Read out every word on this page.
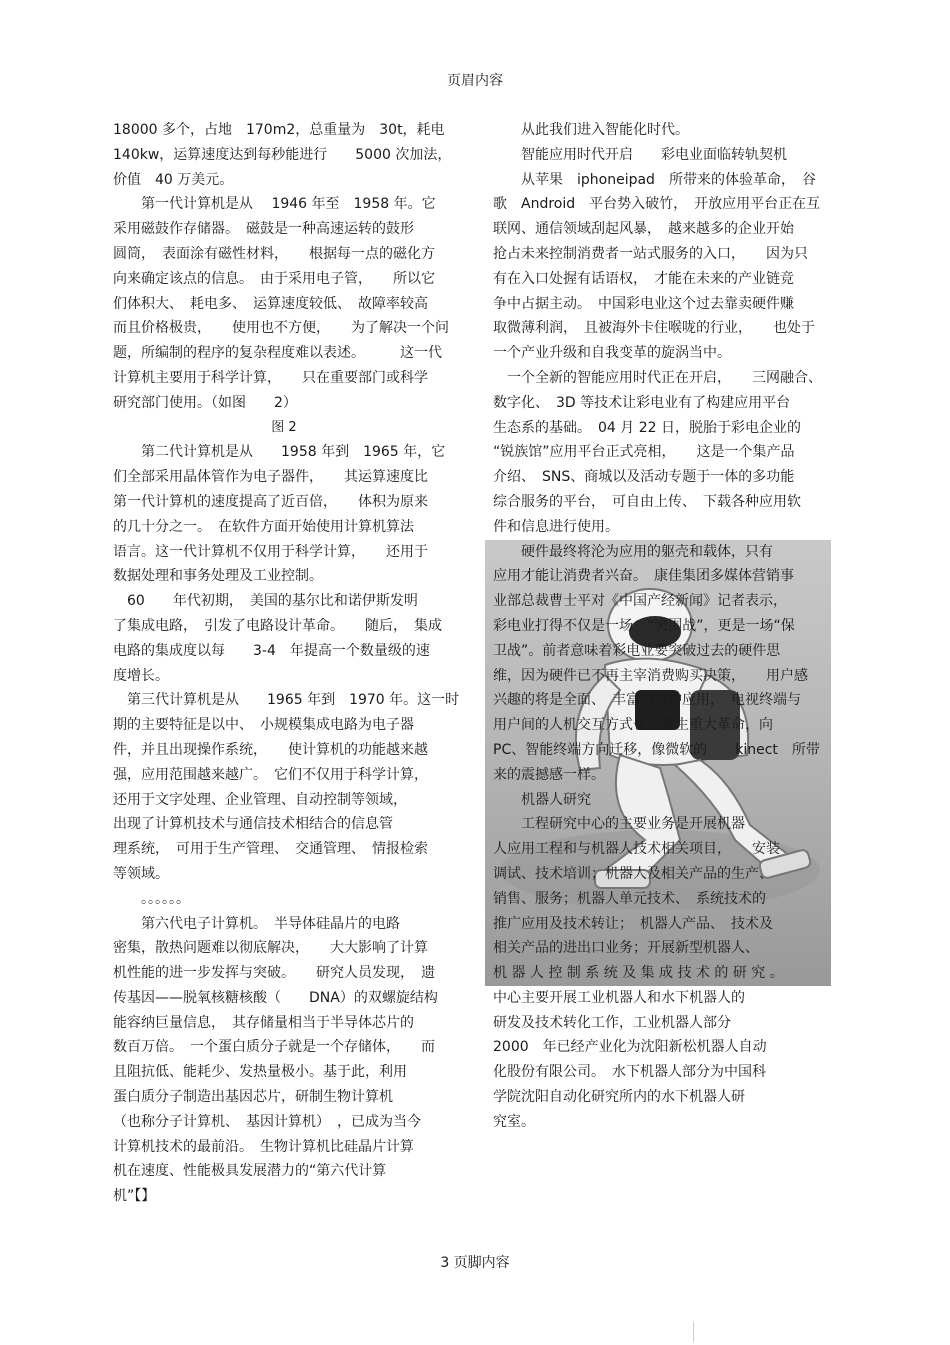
页眉内容

18000 多个，占地　170m2，总重量为　30t，耗电

140kw，运算速度达到每秒能进行　　5000 次加法，

价值　40 万美元。

第一代计算机是从　 1946 年至　1958 年。它

采用磁鼓作存储器。　磁鼓是一种高速运转的鼓形

圆筒，　表面涂有磁性材料，　　根据每一点的磁化方

向来确定该点的信息。　由于采用电子管，　　所以它

们体积大、　耗电多、　运算速度较低、　故障率较高

而且价格极贵，　　使用也不方便，　　为了解决一个问

题，所编制的程序的复杂程度难以表述。　　　这一代

计算机主要用于科学计算，　　只在重要部门或科学

研究部门使用。（如图　　2）

图 2

第二代计算机是从　　1958 年到　1965 年，它

们全部采用晶体管作为电子器件，　　其运算速度比

第一代计算机的速度提高了近百倍，　　体积为原来

的几十分之一。　在软件方面开始使用计算机算法

语言。这一代计算机不仅用于科学计算，　　还用于

数据处理和事务处理及工业控制。

60　　年代初期，　美国的基尔比和诺伊斯发明

了集成电路，　引发了电路设计革命。　　随后，　集成

电路的集成度以每　　3-4　年提高一个数量级的速

度增长。

第三代计算机是从　　1965 年到　1970 年。这一时

期的主要特征是以中、　小规模集成电路为电子器

件，并且出现操作系统，　　使计算机的功能越来越

强，应用范围越来越广。　它们不仅用于科学计算，

还用于文字处理、企业管理、自动控制等领域，

出现了计算机技术与通信技术相结合的信息管

理系统，　可用于生产管理、　交通管理、　情报检索

等领域。

。。。。。。

第六代电子计算机。　半导体硅晶片的电路

密集，散热问题难以彻底解决，　　大大影响了计算

机性能的进一步发挥与突破。　　研究人员发现，　遗

传基因——脱氧核糖核酸（　　DNA）的双螺旋结构

能容纳巨量信息，　其存储量相当于半导体芯片的

数百万倍。　一个蛋白质分子就是一个存储体，　　而

且阻抗低、能耗少、发热量极小。基于此，利用

蛋白质分子制造出基因芯片，研制生物计算机

（也称分子计算机、　基因计算机）　，已成为当今

计算机技术的最前沿。　生物计算机比硅晶片计算

机在速度、性能极具发展潜力的“第六代计算

机”【】

从此我们进入智能化时代。

智能应用时代开启　　彩电业面临转轨契机

从苹果　iphoneipad　所带来的体验革命，　谷

歌　Android　平台势入破竹，　开放应用平台正在互

联网、通信领域刮起风暴，　越来越多的企业开始

抢占未来控制消费者一站式服务的入口，　　因为只

有在入口处握有话语权，　才能在未来的产业链竞

争中占据主动。　中国彩电业这个过去靠卖硬件赚

取微薄利润，　且被海外卡住喉咙的行业，　　也处于

一个产业升级和自我变革的旋涡当中。

一个全新的智能应用时代正在开启，　　三网融合、

数字化、　3D 等技术让彩电业有了构建应用平台

生态系的基础。　04 月 22 日，脱胎于彩电企业的

“锐族馆”应用平台正式亮相，　　这是一个集产品

介绍、　SNS、商城以及活动专题于一体的多功能

综合服务的平台，　可自由上传、　下载各种应用软

件和信息进行使用。

硬件最终将沦为应用的躯壳和载体，只有

应用才能让消费者兴奋。　康佳集团多媒体营销事

业部总裁曹士平对《中国产经新闻》记者表示，

彩电业打得不仅是一场　“突围战”，更是一场“保

卫战”。前者意味着彩电业要突破过去的硬件思

维，因为硬件已不再主宰消费购买决策，　　用户感

兴趣的将是全面、　丰富的各种应用，　电视终端与

用户间的人机交互方式也会发生重大革命，向

PC、智能终端方向迁移，像微软的　　kinect　所带

来的震撼感一样。

机器人研究

工程研究中心的主要业务是开展机器

人应用工程和与机器人技术相关项目，　　安装

调试、技术培训；机器人及相关产品的生产、

销售、服务；机器人单元技术、　系统技术的

推广应用及技术转让；　机器人产品、　技术及

相关产品的进出口业务；开展新型机器人、

机 器 人 控 制 系 统 及 集 成 技 术 的 研 究 。

中心主要开展工业机器人和水下机器人的

研发及技术转化工作，工业机器人部分

2000　年已经产业化为沈阳新松机器人自动

化股份有限公司。　水下机器人部分为中国科

学院沈阳自动化研究所内的水下机器人研

究室。

3 页脚内容
